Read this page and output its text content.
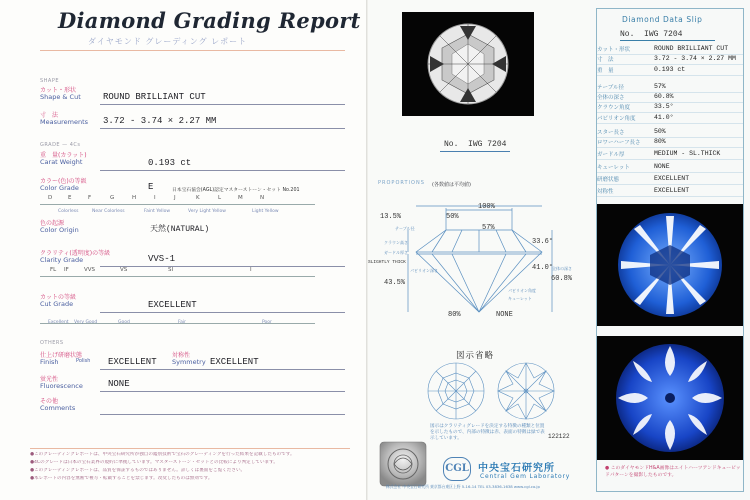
Diamond Grading Report
ダイヤモンド グレーディング レポート
SHAPE
カット・形状
Shape & Cut ROUND BRILLIANT CUT
寸　法
Measurements 3.72 - 3.74 × 2.27 MM
GRADE — 4Cs
重　量(カラット)
Carat Weight	0.193 ct
カラー(色)の等級
Color Grade	E	日本宝石協会(AGL)認定マスターストーン・セット No.201
D	E	F	G	H	I	J	K	L	M	N
Colorless	Near Colorless	Faint Yellow	Very Light Yellow	Light Yellow
色の起源
Color Origin	天然(NATURAL)
クラリティ(透明度)の等級
Clarity Grade	VVS-1
FL IF	VVS	VS	SI	I
カットの等級
Cut Grade	EXCELLENT
Excellent Very Good	Good	Fair	Poor
OTHERS
仕上げ研磨状態
Finish	Polish EXCELLENT
対称性
Symmetry EXCELLENT
蛍光性
Fluorescence	NONE
その他
Comments
●このグレーディングレポートは、中央宝石研究所が独自の鑑別技術で宝石のグレーディングを行った結果を記載したものです。
●4Cのグレードは日本の宝石業界の規約に準拠しています。マスターストーン・セットとの比較により判定しています。
●このグレーディングレポートは、品質を保証するものではありません。詳しくは裏面をご覧ください。
●本レポートの内容を無断で複写・転載することを禁じます。改変したものは無効です。
No. IWG 7204
PROPORTIONS (各数値は平均値)
100%
50%
13.5%
57%
33.6°
41.0°
60.8%
43.5%
80%	NONE
SLIGHTLY THICK
テーブル径
クラウン高さ
ガードル厚さ
パビリオン深さ
パビリオン角度
キューレット
全体の深さ
図示省略
図示はクラリティグレードを決定する特徴の種類と位置を示したもので、内部の特徴は赤、表面の特徴は緑で表示しています。	122122
CGL 中央宝石研究所
Central Gem Laboratory
株式会社 中央宝石研究所 東京都台東区上野 5-16-14 TEL 03-3836-1638 www.cgl.co.jp
Diamond Data Slip
No. IWG 7204
カット・形状	ROUND BRILLIANT CUT
寸　法	3.72 - 3.74 × 2.27 MM
重　量	0.193 ct
テーブル径	57%
全体の深さ	60.8%
クラウン角度	33.5°
パビリオン角度	41.0°
スター長さ	50%
ロワーハーフ長さ 80%
ガードル厚	MEDIUM - SL.THICK
キューレット	NONE
研磨状態	EXCELLENT
対称性	EXCELLENT
● このダイヤモンドH&A画像はエイトハーツアンドキューピッドパターンを撮影したものです。
